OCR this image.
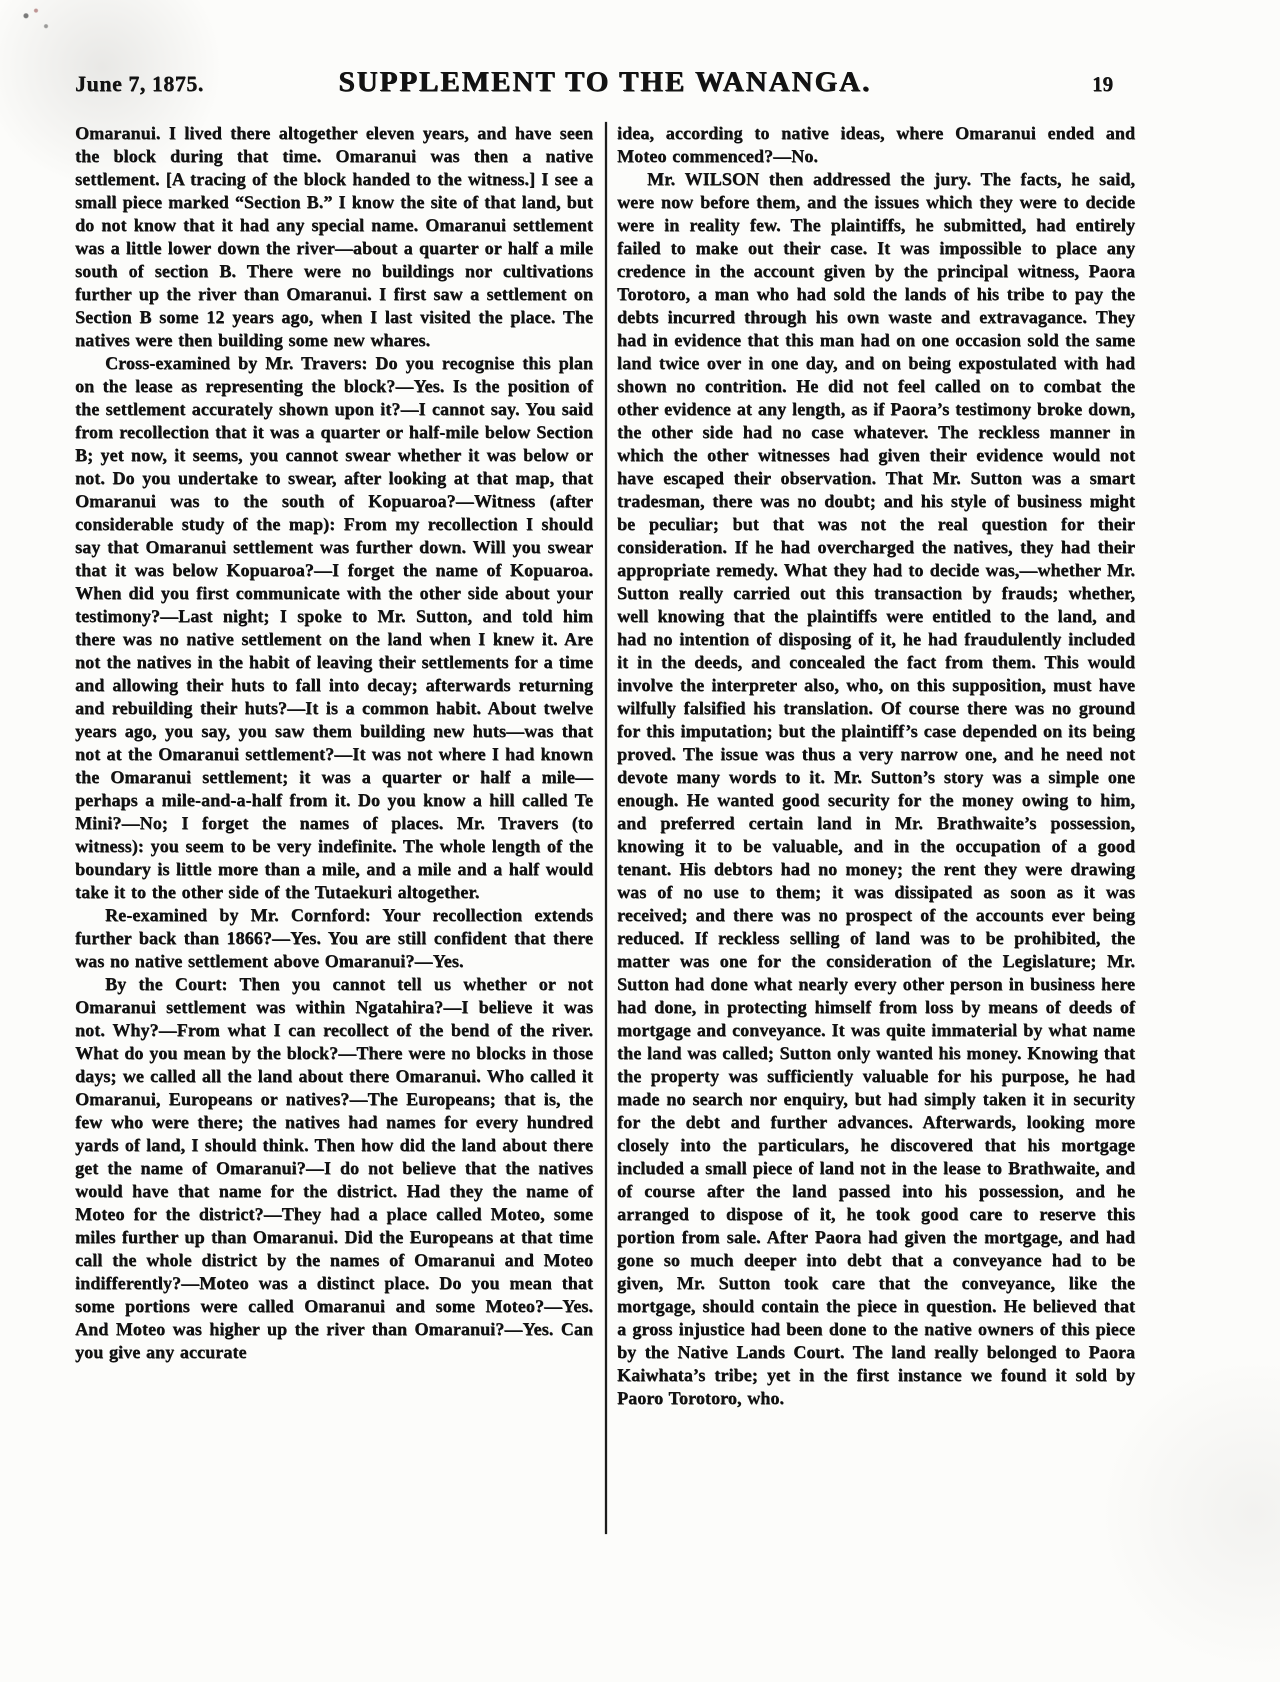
June 7, 1875.	SUPPLEMENT TO THE WANANGA.	19

Omaranui. I lived there altogether eleven years, and have seen the block during that time. Omaranui was then a native settlement. [A tracing of the block handed to the witness.] I see a small piece marked “Section B.” I know the site of that land, but do not know that it had any special name. Omaranui settlement was a little lower down the river—about a quarter or half a mile south of section B. There were no buildings nor cultivations further up the river than Omaranui. I first saw a settlement on Section B some 12 years ago, when I last visited the place. The natives were then building some new whares.

Cross-examined by Mr. Travers: Do you recognise this plan on the lease as representing the block?—Yes. Is the position of the settlement accurately shown upon it?—I cannot say. You said from recollection that it was a quarter or half-mile below Section B; yet now, it seems, you cannot swear whether it was below or not. Do you undertake to swear, after looking at that map, that Omaranui was to the south of Kopuaroa?—Witness (after considerable study of the map): From my recollection I should say that Omaranui settlement was further down. Will you swear that it was below Kopuaroa?—I forget the name of Kopuaroa. When did you first communicate with the other side about your testimony?—Last night; I spoke to Mr. Sutton, and told him there was no native settlement on the land when I knew it. Are not the natives in the habit of leaving their settlements for a time and allowing their huts to fall into decay; afterwards returning and rebuilding their huts?—It is a common habit. About twelve years ago, you say, you saw them building new huts—was that not at the Omaranui settlement?—It was not where I had known the Omaranui settlement; it was a quarter or half a mile—perhaps a mile-and-a-half from it. Do you know a hill called Te Mini?—No; I forget the names of places. Mr. Travers (to witness): you seem to be very indefinite. The whole length of the boundary is little more than a mile, and a mile and a half would take it to the other side of the Tutaekuri altogether.

Re-examined by Mr. Cornford: Your recollection extends further back than 1866?—Yes. You are still confident that there was no native settlement above Omaranui?—Yes.

By the Court: Then you cannot tell us whether or not Omaranui settlement was within Ngatahira?—I believe it was not. Why?—From what I can recollect of the bend of the river. What do you mean by the block?—There were no blocks in those days; we called all the land about there Omaranui. Who called it Omaranui, Europeans or natives?—The Europeans; that is, the few who were there; the natives had names for every hundred yards of land, I should think. Then how did the land about there get the name of Omaranui?—I do not believe that the natives would have that name for the district. Had they the name of Moteo for the district?—They had a place called Moteo, some miles further up than Omaranui. Did the Europeans at that time call the whole district by the names of Omaranui and Moteo indifferently?—Moteo was a distinct place. Do you mean that some portions were called Omaranui and some Moteo?—Yes. And Moteo was higher up the river than Omaranui?—Yes. Can you give any accurate

idea, according to native ideas, where Omaranui ended and Moteo commenced?—No.

Mr. WILSON then addressed the jury. The facts, he said, were now before them, and the issues which they were to decide were in reality few. The plaintiffs, he submitted, had entirely failed to make out their case. It was impossible to place any credence in the account given by the principal witness, Paora Torotoro, a man who had sold the lands of his tribe to pay the debts incurred through his own waste and extravagance. They had in evidence that this man had on one occasion sold the same land twice over in one day, and on being expostulated with had shown no contrition. He did not feel called on to combat the other evidence at any length, as if Paora’s testimony broke down, the other side had no case whatever. The reckless manner in which the other witnesses had given their evidence would not have escaped their observation. That Mr. Sutton was a smart tradesman, there was no doubt; and his style of business might be peculiar; but that was not the real question for their consideration. If he had overcharged the natives, they had their appropriate remedy. What they had to decide was,—whether Mr. Sutton really carried out this transaction by frauds; whether, well knowing that the plaintiffs were entitled to the land, and had no intention of disposing of it, he had fraudulently included it in the deeds, and concealed the fact from them. This would involve the interpreter also, who, on this supposition, must have wilfully falsified his translation. Of course there was no ground for this imputation; but the plaintiff’s case depended on its being proved. The issue was thus a very narrow one, and he need not devote many words to it. Mr. Sutton’s story was a simple one enough. He wanted good security for the money owing to him, and preferred certain land in Mr. Brathwaite’s possession, knowing it to be valuable, and in the occupation of a good tenant. His debtors had no money; the rent they were drawing was of no use to them; it was dissipated as soon as it was received; and there was no prospect of the accounts ever being reduced. If reckless selling of land was to be prohibited, the matter was one for the consideration of the Legislature; Mr. Sutton had done what nearly every other person in business here had done, in protecting himself from loss by means of deeds of mortgage and conveyance. It was quite immaterial by what name the land was called; Sutton only wanted his money. Knowing that the property was sufficiently valuable for his purpose, he had made no search nor enquiry, but had simply taken it in security for the debt and further advances. Afterwards, looking more closely into the particulars, he discovered that his mortgage included a small piece of land not in the lease to Brathwaite, and of course after the land passed into his possession, and he arranged to dispose of it, he took good care to reserve this portion from sale. After Paora had given the mortgage, and had gone so much deeper into debt that a conveyance had to be given, Mr. Sutton took care that the conveyance, like the mortgage, should contain the piece in question. He believed that a gross injustice had been done to the native owners of this piece by the Native Lands Court. The land really belonged to Paora Kaiwhata’s tribe; yet in the first instance we found it sold by Paoro Torotoro, who.
